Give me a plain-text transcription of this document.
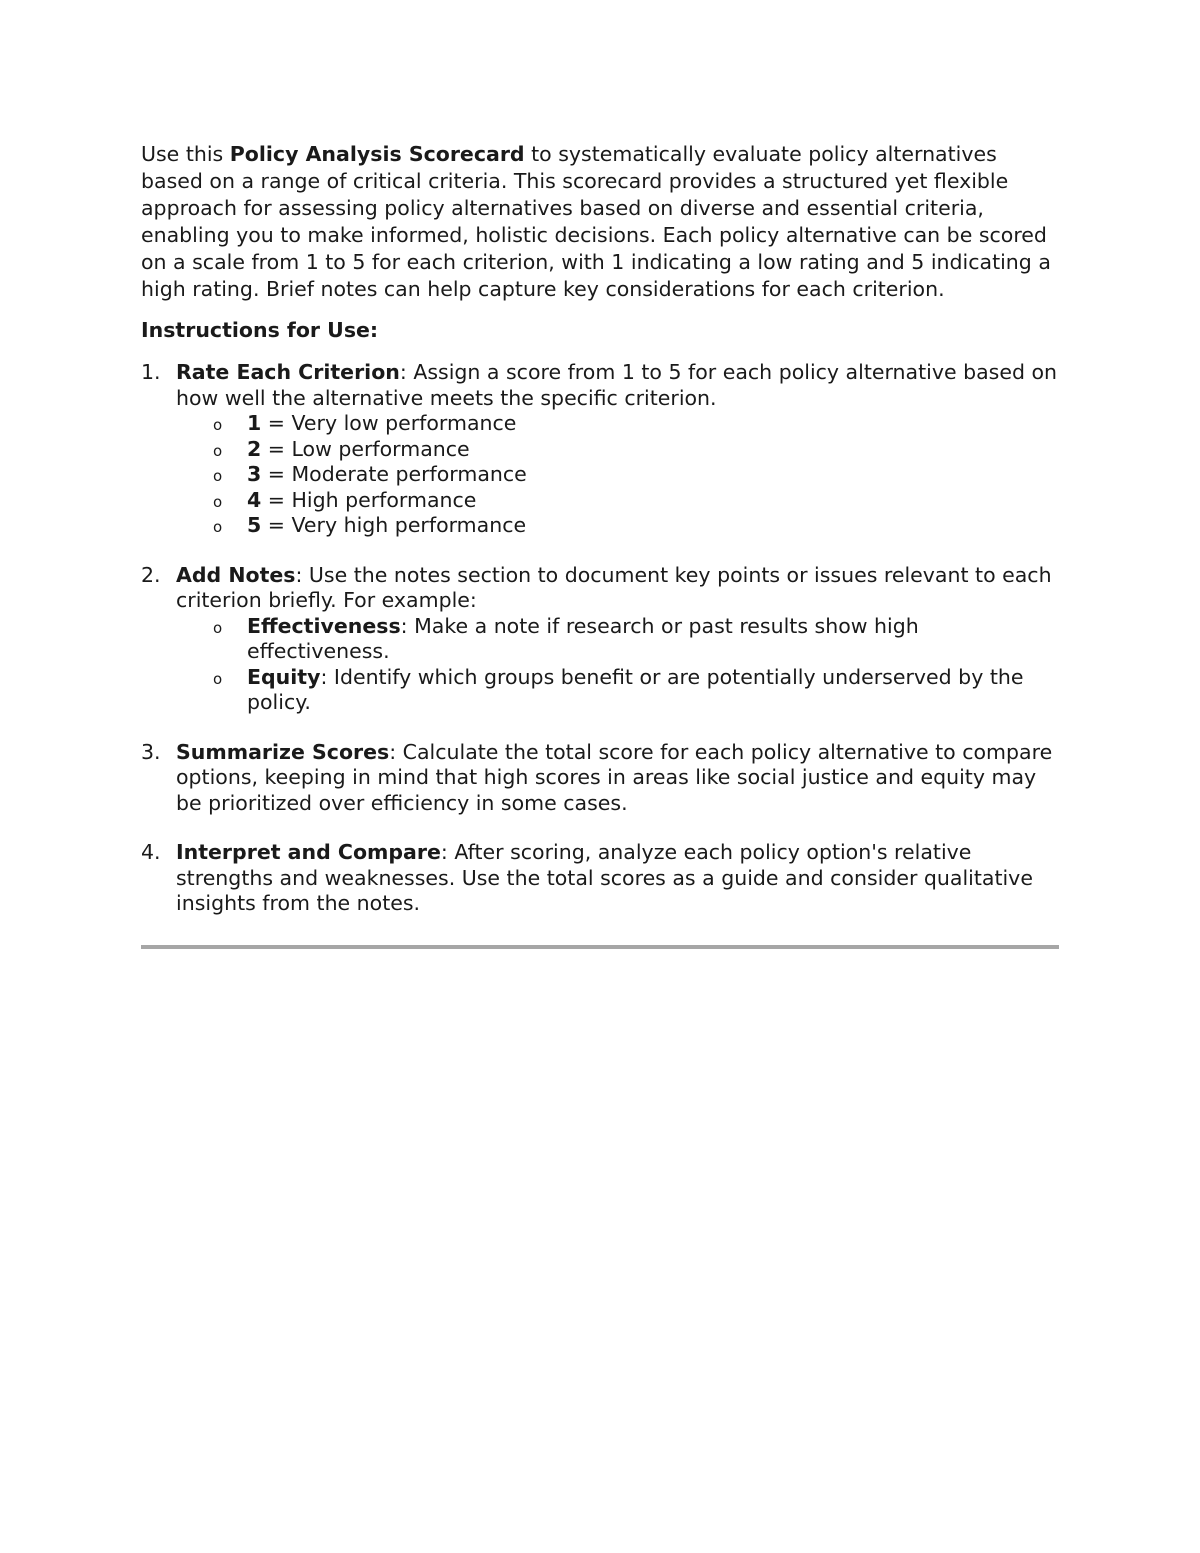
Use this Policy Analysis Scorecard to systematically evaluate policy alternatives based on a range of critical criteria. This scorecard provides a structured yet flexible approach for assessing policy alternatives based on diverse and essential criteria, enabling you to make informed, holistic decisions. Each policy alternative can be scored on a scale from 1 to 5 for each criterion, with 1 indicating a low rating and 5 indicating a high rating. Brief notes can help capture key considerations for each criterion.

Instructions for Use:

1. Rate Each Criterion: Assign a score from 1 to 5 for each policy alternative based on how well the alternative meets the specific criterion.
o 1 = Very low performance
o 2 = Low performance
o 3 = Moderate performance
o 4 = High performance
o 5 = Very high performance
2. Add Notes: Use the notes section to document key points or issues relevant to each criterion briefly. For example:
o Effectiveness: Make a note if research or past results show high effectiveness.
o Equity: Identify which groups benefit or are potentially underserved by the policy.
3. Summarize Scores: Calculate the total score for each policy alternative to compare options, keeping in mind that high scores in areas like social justice and equity may be prioritized over efficiency in some cases.
4. Interpret and Compare: After scoring, analyze each policy option's relative strengths and weaknesses. Use the total scores as a guide and consider qualitative insights from the notes.
